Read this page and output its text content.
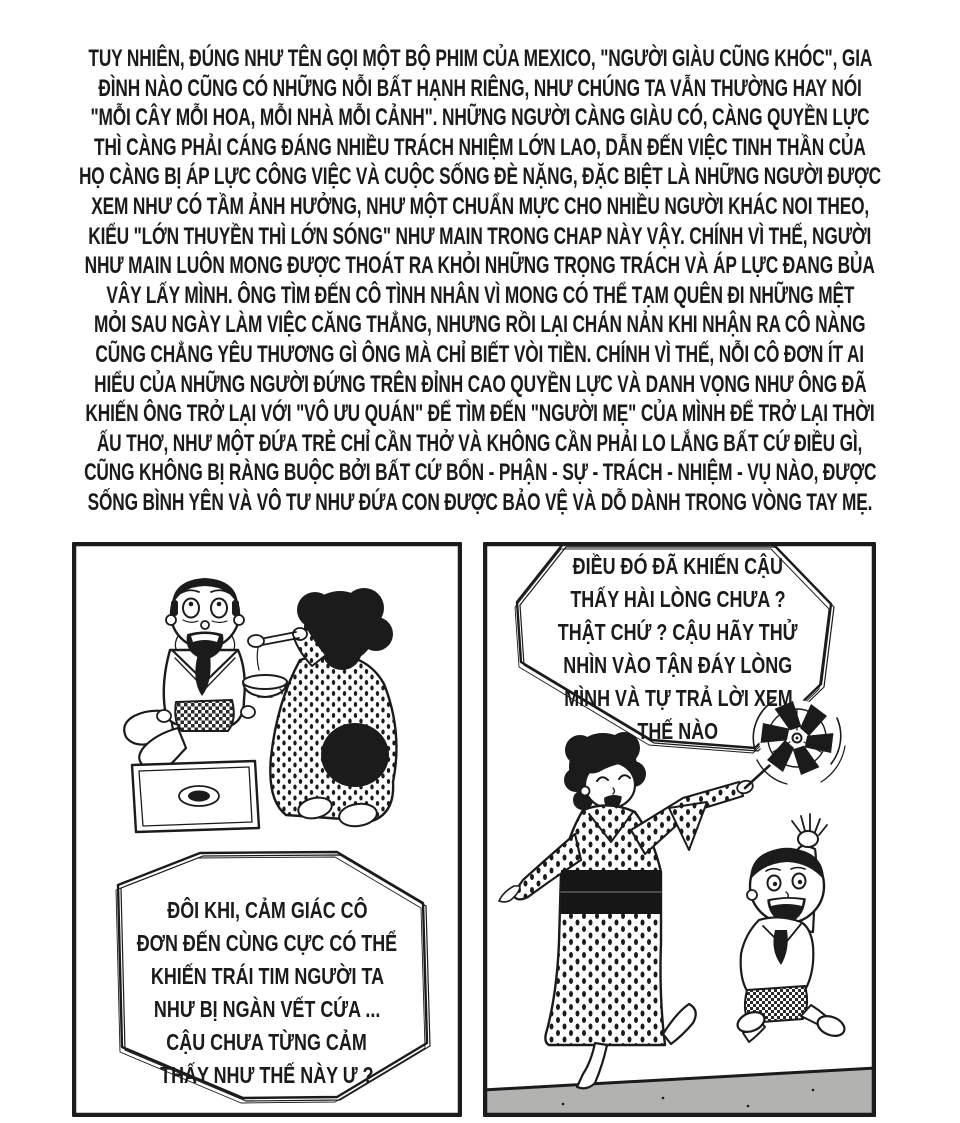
TUY NHIÊN, ĐÚNG NHƯ TÊN GỌI MỘT BỘ PHIM CỦA MEXICO, "NGƯỜI GIÀU CŨNG KHÓC", GIA
ĐÌNH NÀO CŨNG CÓ NHỮNG NỖI BẤT HẠNH RIÊNG, NHƯ CHÚNG TA VẪN THƯỜNG HAY NÓI
"MỖI CÂY MỖI HOA, MỖI NHÀ MỖI CẢNH". NHỮNG NGƯỜI CÀNG GIÀU CÓ, CÀNG QUYỀN LỰC
THÌ CÀNG PHẢI CÁNG ĐÁNG NHIỀU TRÁCH NHIỆM LỚN LAO, DẪN ĐẾN VIỆC TINH THẦN CỦA
HỌ CÀNG BỊ ÁP LỰC CÔNG VIỆC VÀ CUỘC SỐNG ĐÈ NẶNG, ĐẶC BIỆT LÀ NHỮNG NGƯỜI ĐƯỢC
XEM NHƯ CÓ TẦM ẢNH HƯỞNG, NHƯ MỘT CHUẨN MỰC CHO NHIỀU NGƯỜI KHÁC NOI THEO,
KIỂU "LỚN THUYỀN THÌ LỚN SÓNG" NHƯ MAIN TRONG CHAP NÀY VẬY. CHÍNH VÌ THẾ, NGƯỜI
NHƯ MAIN LUÔN MONG ĐƯỢC THOÁT RA KHỎI NHỮNG TRỌNG TRÁCH VÀ ÁP LỰC ĐANG BỦA
VÂY LẤY MÌNH. ÔNG TÌM ĐẾN CÔ TÌNH NHÂN VÌ MONG CÓ THỂ TẠM QUÊN ĐI NHỮNG MỆT
MỎI SAU NGÀY LÀM VIỆC CĂNG THẲNG, NHƯNG RỒI LẠI CHÁN NẢN KHI NHẬN RA CÔ NÀNG
CŨNG CHẲNG YÊU THƯƠNG GÌ ÔNG MÀ CHỈ BIẾT VÒI TIỀN. CHÍNH VÌ THẾ, NỖI CÔ ĐƠN ÍT AI
HIỂU CỦA NHỮNG NGƯỜI ĐỨNG TRÊN ĐỈNH CAO QUYỀN LỰC VÀ DANH VỌNG NHƯ ÔNG ĐÃ
KHIẾN ÔNG TRỞ LẠI VỚI "VÔ ƯU QUÁN" ĐỂ TÌM ĐẾN "NGƯỜI MẸ" CỦA MÌNH ĐỂ TRỞ LẠI THỜI
ẤU THƠ, NHƯ MỘT ĐỨA TRẺ CHỈ CẦN THỞ VÀ KHÔNG CẦN PHẢI LO LẮNG BẤT CỨ ĐIỀU GÌ,
CŨNG KHÔNG BỊ RÀNG BUỘC BỞI BẤT CỨ BỔN - PHẬN - SỰ - TRÁCH - NHIỆM - VỤ NÀO, ĐƯỢC
SỐNG BÌNH YÊN VÀ VÔ TƯ NHƯ ĐỨA CON ĐƯỢC BẢO VỆ VÀ DỖ DÀNH TRONG VÒNG TAY MẸ.
ĐÔI KHI, CẢM GIÁC CÔ
ĐƠN ĐẾN CÙNG CỰC CÓ THỂ
KHIẾN TRÁI TIM NGƯỜI TA
NHƯ BỊ NGÀN VẾT CỨA ...
CẬU CHƯA TỪNG CẢM
THẤY NHƯ THẾ NÀY Ư ?
ĐIỀU ĐÓ ĐÃ KHIẾN CẬU
THẤY HÀI LÒNG CHƯA ?
THẬT CHỨ ? CẬU HÃY THỬ
NHÌN VÀO TẬN ĐÁY LÒNG
MÌNH VÀ TỰ TRẢ LỜI XEM
THẾ NÀO
